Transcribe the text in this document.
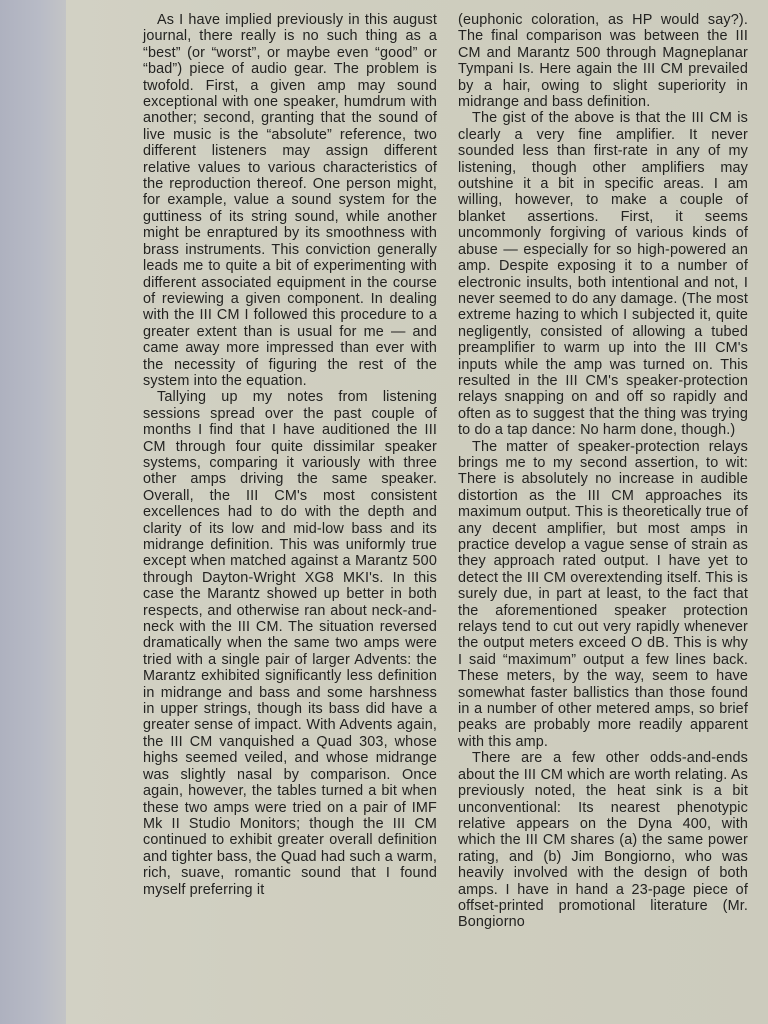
As I have implied previously in this august journal, there really is no such thing as a “best” (or “worst”, or maybe even “good” or “bad”) piece of audio gear. The problem is twofold. First, a given amp may sound exceptional with one speaker, humdrum with another; second, granting that the sound of live music is the “absolute” reference, two different listeners may assign different relative values to various characteristics of the reproduction thereof. One person might, for example, value a sound system for the guttiness of its string sound, while another might be enraptured by its smoothness with brass instruments. This conviction generally leads me to quite a bit of experimenting with different associated equipment in the course of reviewing a given component. In dealing with the III CM I followed this procedure to a greater extent than is usual for me — and came away more impressed than ever with the necessity of figuring the rest of the system into the equation.

Tallying up my notes from listening sessions spread over the past couple of months I find that I have auditioned the III CM through four quite dissimilar speaker systems, comparing it variously with three other amps driving the same speaker. Overall, the III CM's most consistent excellences had to do with the depth and clarity of its low and mid-low bass and its midrange definition. This was uniformly true except when matched against a Marantz 500 through Dayton-Wright XG8 MKI's. In this case the Marantz showed up better in both respects, and otherwise ran about neck-and-neck with the III CM. The situation reversed dramatically when the same two amps were tried with a single pair of larger Advents: the Marantz exhibited significantly less definition in midrange and bass and some harshness in upper strings, though its bass did have a greater sense of impact. With Advents again, the III CM vanquished a Quad 303, whose highs seemed veiled, and whose midrange was slightly nasal by comparison. Once again, however, the tables turned a bit when these two amps were tried on a pair of IMF Mk II Studio Monitors; though the III CM continued to exhibit greater overall definition and tighter bass, the Quad had such a warm, rich, suave, romantic sound that I found myself preferring it

(euphonic coloration, as HP would say?). The final comparison was between the III CM and Marantz 500 through Magneplanar Tympani Is. Here again the III CM prevailed by a hair, owing to slight superiority in midrange and bass definition.

The gist of the above is that the III CM is clearly a very fine amplifier. It never sounded less than first-rate in any of my listening, though other amplifiers may outshine it a bit in specific areas. I am willing, however, to make a couple of blanket assertions. First, it seems uncommonly forgiving of various kinds of abuse — especially for so high-powered an amp. Despite exposing it to a number of electronic insults, both intentional and not, I never seemed to do any damage. (The most extreme hazing to which I subjected it, quite negligently, consisted of allowing a tubed preamplifier to warm up into the III CM's inputs while the amp was turned on. This resulted in the III CM's speaker-protection relays snapping on and off so rapidly and often as to suggest that the thing was trying to do a tap dance: No harm done, though.)

The matter of speaker-protection relays brings me to my second assertion, to wit: There is absolutely no increase in audible distortion as the III CM approaches its maximum output. This is theoretically true of any decent amplifier, but most amps in practice develop a vague sense of strain as they approach rated output. I have yet to detect the III CM overextending itself. This is surely due, in part at least, to the fact that the aforementioned speaker protection relays tend to cut out very rapidly whenever the output meters exceed O dB. This is why I said “maximum” output a few lines back. These meters, by the way, seem to have somewhat faster ballistics than those found in a number of other metered amps, so brief peaks are probably more readily apparent with this amp.

There are a few other odds-and-ends about the III CM which are worth relating. As previously noted, the heat sink is a bit unconventional: Its nearest phenotypic relative appears on the Dyna 400, with which the III CM shares (a) the same power rating, and (b) Jim Bongiorno, who was heavily involved with the design of both amps. I have in hand a 23-page piece of offset-printed promotional literature (Mr. Bongiorno
